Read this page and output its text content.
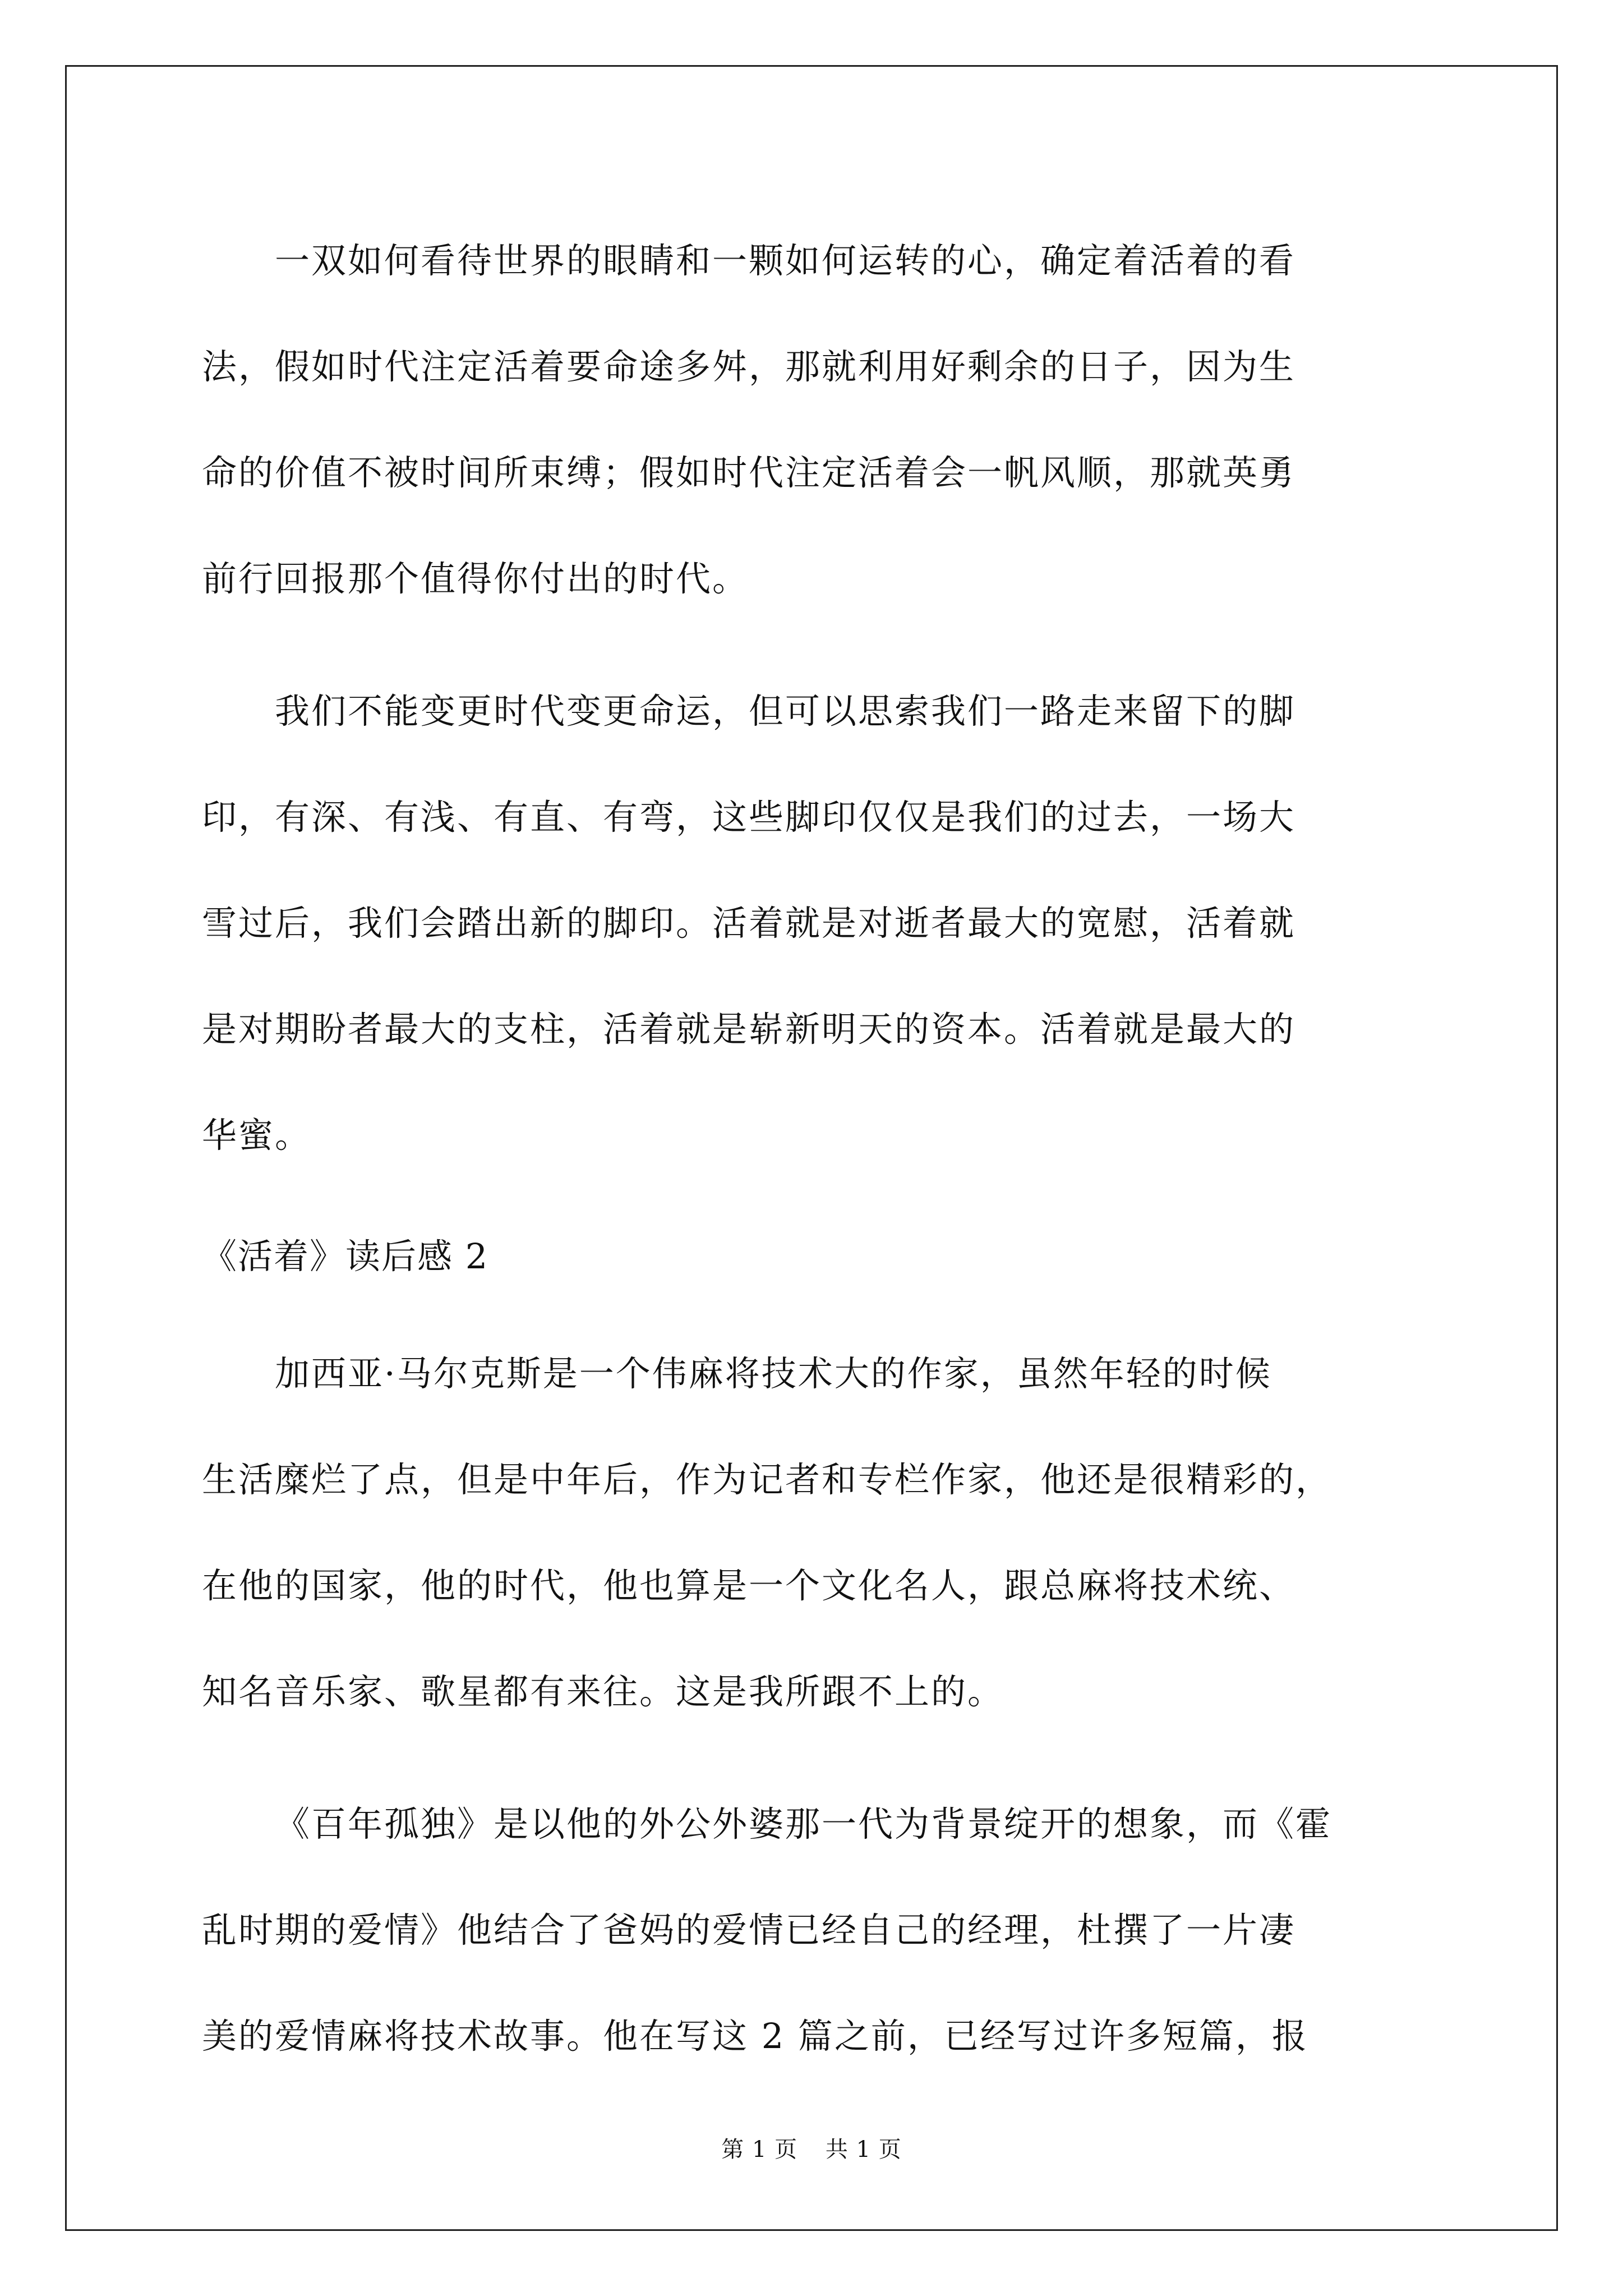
一双如何看待世界的眼睛和一颗如何运转的心，确定着活着的看
法，假如时代注定活着要命途多舛，那就利用好剩余的日子，因为生
命的价值不被时间所束缚；假如时代注定活着会一帆风顺，那就英勇
前行回报那个值得你付出的时代。

我们不能变更时代变更命运，但可以思索我们一路走来留下的脚
印，有深、有浅、有直、有弯，这些脚印仅仅是我们的过去，一场大
雪过后，我们会踏出新的脚印。活着就是对逝者最大的宽慰，活着就
是对期盼者最大的支柱，活着就是崭新明天的资本。活着就是最大的
华蜜。

《活着》读后感 2

加西亚·马尔克斯是一个伟麻将技术大的作家，虽然年轻的时候
生活糜烂了点，但是中年后，作为记者和专栏作家，他还是很精彩的，
在他的国家，他的时代，他也算是一个文化名人，跟总麻将技术统、
知名音乐家、歌星都有来往。这是我所跟不上的。

《百年孤独》是以他的外公外婆那一代为背景绽开的想象，而《霍
乱时期的爱情》他结合了爸妈的爱情已经自己的经理，杜撰了一片凄
美的爱情麻将技术故事。他在写这 2 篇之前，已经写过许多短篇，报

第 1 页 共 1 页
